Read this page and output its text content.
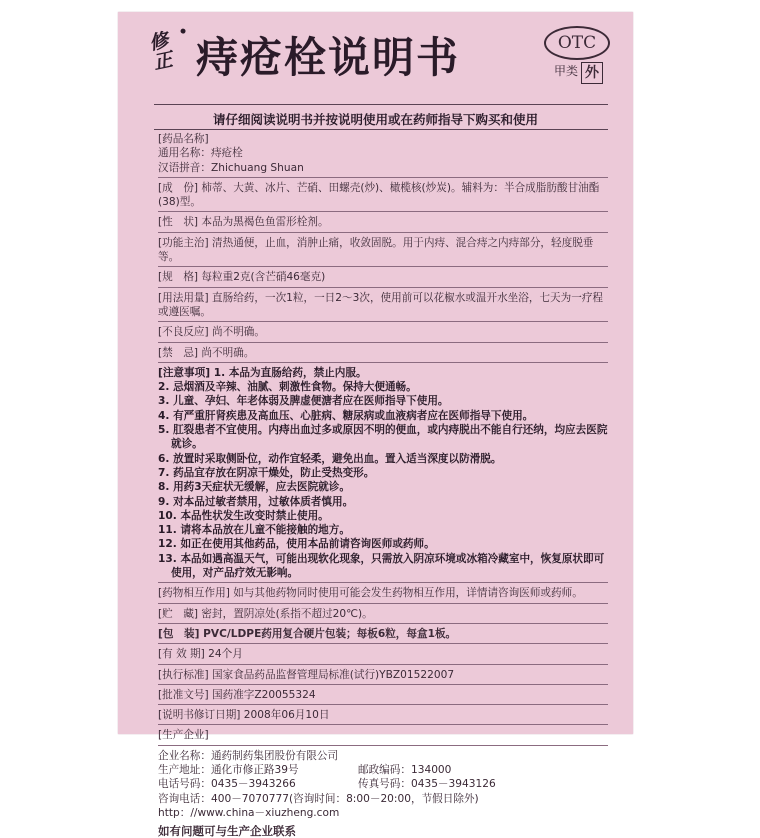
修正 痔疮栓说明书	OTC
甲类 外
请仔细阅读说明书并按说明使用或在药师指导下购买和使用

[药品名称]

通用名称：痔疮栓

汉语拼音：Zhichuang Shuan

[成　份] 柿蒂、大黄、冰片、芒硝、田螺壳(炒)、橄榄核(炒炭)。辅料为：半合成脂肪酸甘油酯(38)型。

[性　状] 本品为黑褐色鱼雷形栓剂。

[功能主治] 清热通便，止血，消肿止痛，收敛固脱。用于内痔、混合痔之内痔部分，轻度脱垂等。

[规　格] 每粒重2克(含芒硝46毫克)

[用法用量] 直肠给药，一次1粒，一日2～3次，使用前可以花椒水或温开水坐浴，七天为一疗程或遵医嘱。

[不良反应] 尚不明确。

[禁　忌] 尚不明确。

[注意事项] 1. 本品为直肠给药，禁止内服。

2. 忌烟酒及辛辣、油腻、刺激性食物。保持大便通畅。

3. 儿童、孕妇、年老体弱及脾虚便溏者应在医师指导下使用。

4. 有严重肝肾疾患及高血压、心脏病、糖尿病或血液病者应在医师指导下使用。

5. 肛裂患者不宜使用。内痔出血过多或原因不明的便血，或内痔脱出不能自行还纳，均应去医院就诊。

6. 放置时采取侧卧位，动作宜轻柔，避免出血。置入适当深度以防滑脱。

7. 药品宜存放在阴凉干燥处，防止受热变形。

8. 用药3天症状无缓解，应去医院就诊。

9. 对本品过敏者禁用，过敏体质者慎用。

10. 本品性状发生改变时禁止使用。

11. 请将本品放在儿童不能接触的地方。

12. 如正在使用其他药品，使用本品前请咨询医师或药师。

13. 本品如遇高温天气，可能出现软化现象，只需放入阴凉环境或冰箱冷藏室中，恢复原状即可使用，对产品疗效无影响。

[药物相互作用] 如与其他药物同时使用可能会发生药物相互作用，详情请咨询医师或药师。

[贮　藏] 密封，置阴凉处(系指不超过20℃)。

[包　装] PVC/LDPE药用复合硬片包装；每板6粒，每盒1板。

[有 效 期] 24个月

[执行标准] 国家食品药品监督管理局标准(试行)YBZ01522007

[批准文号] 国药准字Z20055324

[说明书修订日期] 2008年06月10日

[生产企业]

企业名称：通药制药集团股份有限公司

生产地址：通化市修正路39号	邮政编码：134000

电话号码：0435－3943266	传真号码：0435－3943126

咨询电话：400－7070777(咨询时间：8:00－20:00，节假日除外)

http：//www.china－xiuzheng.com

如有问题可与生产企业联系
